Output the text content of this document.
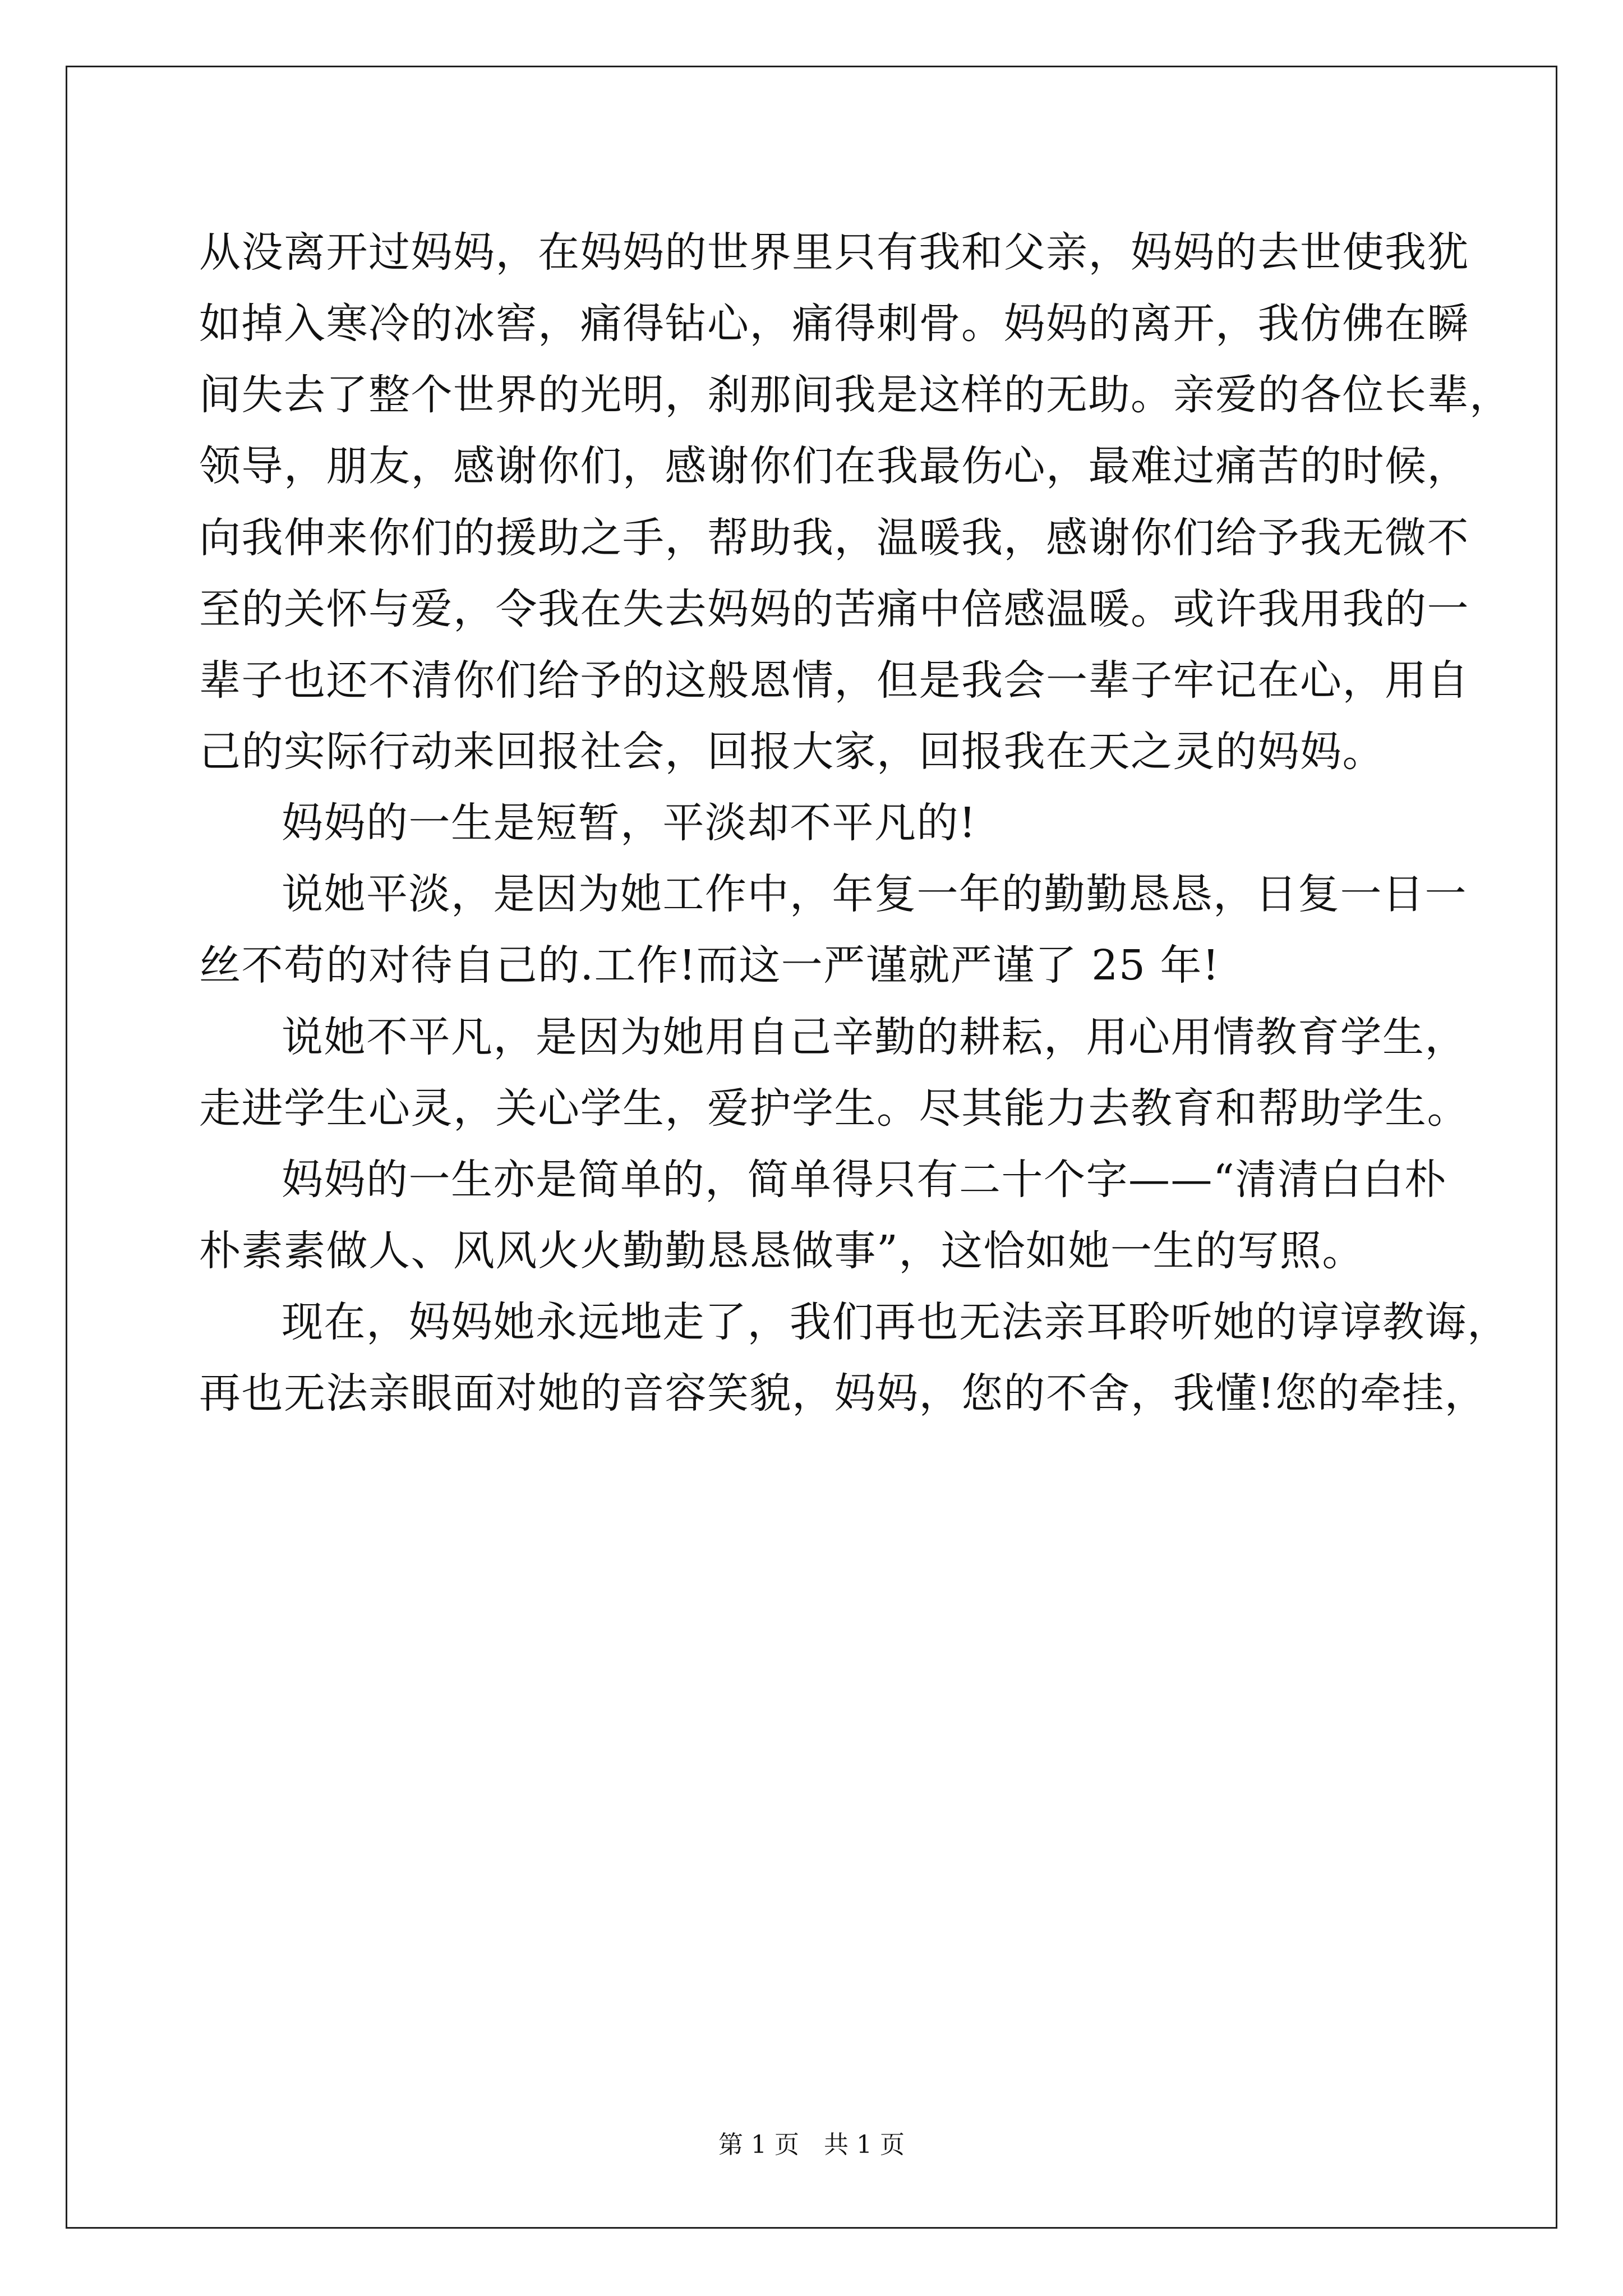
从没离开过妈妈，在妈妈的世界里只有我和父亲，妈妈的去世使我犹
如掉入寒冷的冰窖，痛得钻心，痛得刺骨。妈妈的离开，我仿佛在瞬
间失去了整个世界的光明，刹那间我是这样的无助。亲爱的各位长辈，
领导，朋友，感谢你们，感谢你们在我最伤心，最难过痛苦的时候，
向我伸来你们的援助之手，帮助我，温暖我，感谢你们给予我无微不
至的关怀与爱，令我在失去妈妈的苦痛中倍感温暖。或许我用我的一
辈子也还不清你们给予的这般恩情，但是我会一辈子牢记在心，用自
己的实际行动来回报社会，回报大家，回报我在天之灵的妈妈。
妈妈的一生是短暂，平淡却不平凡的!
说她平淡，是因为她工作中，年复一年的勤勤恳恳，日复一日一
丝不苟的对待自己的.工作!而这一严谨就严谨了 25 年!
说她不平凡，是因为她用自己辛勤的耕耘，用心用情教育学生，
走进学生心灵，关心学生，爱护学生。尽其能力去教育和帮助学生。
妈妈的一生亦是简单的，简单得只有二十个字——“清清白白朴
朴素素做人、风风火火勤勤恳恳做事”，这恰如她一生的写照。
现在，妈妈她永远地走了，我们再也无法亲耳聆听她的谆谆教诲，
再也无法亲眼面对她的音容笑貌，妈妈，您的不舍，我懂!您的牵挂，
第 1 页 共 1 页
